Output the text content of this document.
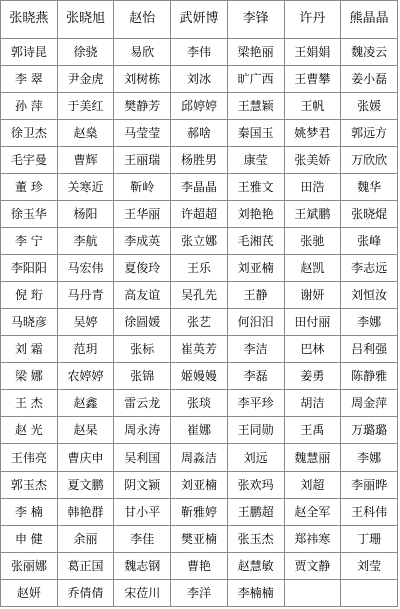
张晓燕	张晓旭	赵怡	武妍博	李锋	许丹	熊晶晶
郭诗昆	徐骁	易欣	李伟	梁艳丽	王娟娟	魏凌云
李 翠	尹金虎	刘树栋	刘冰	旷广西	王曹攀	姜小磊
孙 萍	于美红	樊静芳	邱婷婷	王慧颖	王帆	张媛
徐卫杰	赵燊	马莹莹	郝啥	秦国玉	姚梦君	郭远方
毛宇曼	曹辉	王丽瑞	杨胜男	康莹	张美娇	万欣欣
董 珍	关寒近	靳岭	李晶晶	王雅文	田浩	魏华
徐玉华	杨阳	王华丽	许超超	刘艳艳	王斌鹏	张晓焜
李 宁	李航	李成英	张立娜	毛湘芪	张驰	张峰
李阳阳	马宏伟	夏俊玲	王乐	刘亚楠	赵凯	李志远
倪 珩	马丹青	高友谊	吴孔先	王静	谢妍	刘恒汝
马晓彦	吴婷	徐圆媛	张艺	何汨汨	田付丽	李娜
刘 霜	范玥	张标	崔英芳	李洁	巴林	吕利强
梁 娜	农婷婷	张锦	姬嫚嫚	李磊	姜勇	陈静雅
王 杰	赵鑫	雷云龙	张琰	李平珍	胡洁	周金萍
赵 光	赵杲	周永涛	崔娜	王同勋	王禹	万璐璐
王伟亮	曹庆申	吴利国	周淼洁	刘远	魏慧丽	李娜
郭玉杰	夏文鹏	阴文颍	刘亚楠	张欢玛	刘超	李丽晔
李 楠	韩艳群	甘小平	靳雅婷	王鹏超	赵全军	王科伟
申 健	余丽	李佳	樊亚楠	张玉杰	郑祎寒	丁珊
张丽娜	葛正国	魏志钢	曹艳	赵慧敏	贾文静	刘莹
赵妍	乔倩倩	宋莅川	李洋	李楠楠		
